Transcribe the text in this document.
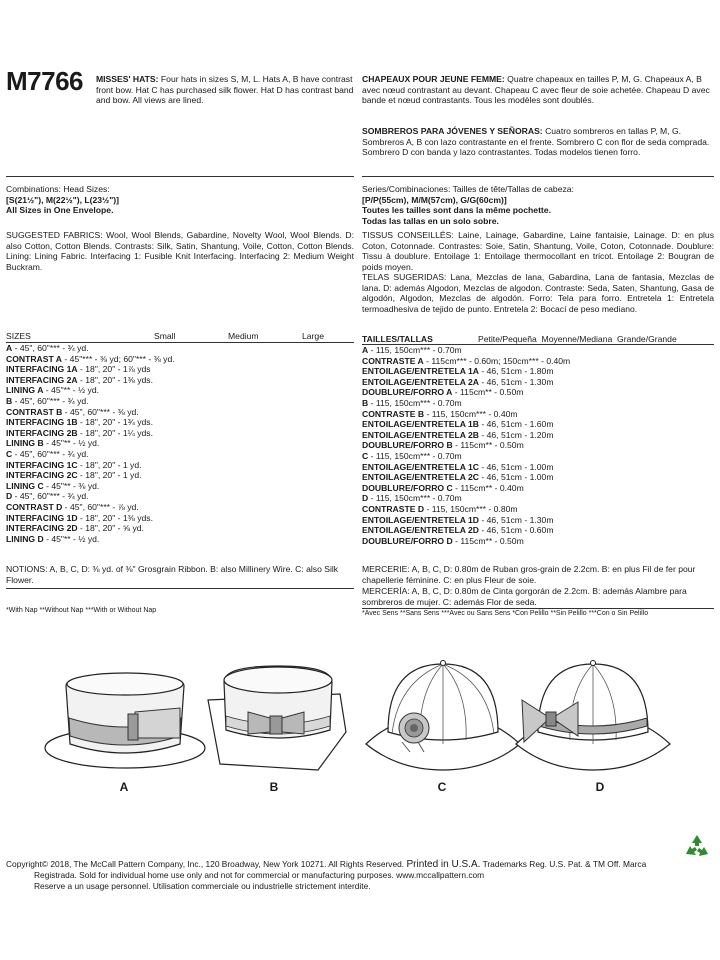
M7766 MISSES' HATS: Four hats in sizes S, M, L. Hats A, B have contrast front bow. Hat C has purchased silk flower. Hat D has contrast band and bow. All views are lined.
CHAPEAUX POUR JEUNE FEMME: Quatre chapeaux en tailles P, M, G. Chapeaux A, B avec nœud contrastant au devant. Chapeau C avec fleur de soie achetée. Chapeau D avec bande et nœud contrastants. Tous les modèles sont doublés.
SOMBREROS PARA JÓVENES Y SEÑORAS: Cuatro sombreros en tallas P, M, G. Sombreros A, B con lazo contrastante en el frente. Sombrero C con flor de seda comprada. Sombrero D con banda y lazo contrastantes. Todas modelos tienen forro.

Combinations: Head Sizes:

[S(21½"), M(22½"), L(23½")]

All Sizes in One Envelope.

Series/Combinaciones: Tailles de tête/Tallas de cabeza:

[P/P(55cm), M/M(57cm), G/G(60cm)]

Toutes les tailles sont dans la même pochette.

Todas las tallas en un solo sobre.

SUGGESTED FABRICS: Wool, Wool Blends, Gabardine, Novelty Wool, Wool Blends. D: also Cotton, Cotton Blends. Contrasts: Silk, Satin, Shantung, Voile, Cotton, Cotton Blends. Lining: Lining Fabric. Interfacing 1: Fusible Knit Interfacing. Interfacing 2: Medium Weight Buckram.
TISSUS CONSEILLÉS: Laine, Lainage, Gabardine, Laine fantaisie, Lainage. D: en plus Coton, Cotonnade. Contrastes: Soie, Satin, Shantung, Voile, Coton, Cotonnade. Doublure: Tissu à doublure. Entoilage 1: Entoilage thermocollant en tricot. Entoilage 2: Bougran de poids moyen.
TELAS SUGERIDAS: Lana, Mezclas de lana, Gabardina, Lana de fantasia, Mezclas de lana. D: además Algodon, Mezclas de algodon. Contraste: Seda, Saten, Shantung, Gasa de algodón, Algodon, Mezclas de algodón. Forro: Tela para forro. Entretela 1: Entretela termoadhesiva de tejido de punto. Entretela 2: Bocací de peso mediano.
SIZES	Small	Medium	Large
A - 45", 60"*** - ¾ yd.
CONTRAST A - 45"*** - ⅜ yd; 60"*** - ⅜ yd.
INTERFACING 1A - 18", 20" - 1⅞ yds
INTERFACING 2A - 18", 20" - 1⅜ yds.
LINING A - 45"** - ½ yd.
B - 45", 60"*** - ¾ yd.
CONTRAST B - 45", 60"*** - ⅜ yd.
INTERFACING 1B - 18", 20" - 1¾ yds.
INTERFACING 2B - 18", 20" - 1¼ yds.
LINING B - 45"** - ½ yd.
C - 45", 60"*** - ¾ yd.
INTERFACING 1C - 18", 20" - 1 yd.
INTERFACING 2C - 18", 20" - 1 yd.
LINING C - 45"** - ⅜ yd.
D - 45", 60"*** - ¾ yd.
CONTRAST D - 45", 60"*** - ⅞ yd.
INTERFACING 1D - 18", 20" - 1⅜ yds.
INTERFACING 2D - 18", 20" - ⅝ yd.
LINING D - 45"** - ½ yd.
NOTIONS: A, B, C, D: ⅜ yd. of ⅜" Grosgrain Ribbon. B: also Millinery Wire. C: also Silk Flower.
*With Nap **Without Nap ***With or Without Nap
TAILLES/TALLAS	Petite/Pequeña  Moyenne/Mediana  Grande/Grande
A - 115, 150cm*** - 0.70m
CONTRASTE A - 115cm*** - 0.60m; 150cm*** - 0.40m
ENTOILAGE/ENTRETELA 1A - 46, 51cm - 1.80m
ENTOILAGE/ENTRETELA 2A - 46, 51cm - 1.30m
DOUBLURE/FORRO A - 115cm** - 0.50m
B - 115, 150cm*** - 0.70m
CONTRASTE B - 115, 150cm*** - 0.40m
ENTOILAGE/ENTRETELA 1B - 46, 51cm - 1.60m
ENTOILAGE/ENTRETELA 2B - 46, 51cm - 1.20m
DOUBLURE/FORRO B - 115cm** - 0.50m
C - 115, 150cm*** - 0.70m
ENTOILAGE/ENTRETELA 1C - 46, 51cm - 1.00m
ENTOILAGE/ENTRETELA 2C - 46, 51cm - 1.00m
DOUBLURE/FORRO C - 115cm** - 0.40m
D - 115, 150cm*** - 0.70m
CONTRASTE D - 115, 150cm*** - 0.80m
ENTOILAGE/ENTRETELA 1D - 46, 51cm - 1.30m
ENTOILAGE/ENTRETELA 2D - 46, 51cm - 0.60m
DOUBLURE/FORRO D - 115cm** - 0.50m
MERCERIE: A, B, C, D: 0.80m de Ruban gros-grain de 2.2cm. B: en plus Fil de fer pour chapellerie féminine. C: en plus Fleur de soie.
MERCERÍA: A, B, C, D: 0.80m de Cinta gorgorán de 2.2cm. B: además Alambre para sombreros de mujer. C: además Flor de seda.
*Avec Sens **Sans Sens ***Avec ou Sans Sens *Con Pelillo **Sin Pelillo ***Con o Sin Pelillo
A	B	C	D

Copyright© 2018, The McCall Pattern Company, Inc., 120 Broadway, New York 10271. All Rights Reserved. Printed in U.S.A. Trademarks Reg. U.S. Pat. & TM Off. Marca

Registrada. Sold for individual home use only and not for commercial or manufacturing purposes. www.mccallpattern.com

Reserve a un usage personnel. Utilisation commerciale ou industrielle strictement interdite.
